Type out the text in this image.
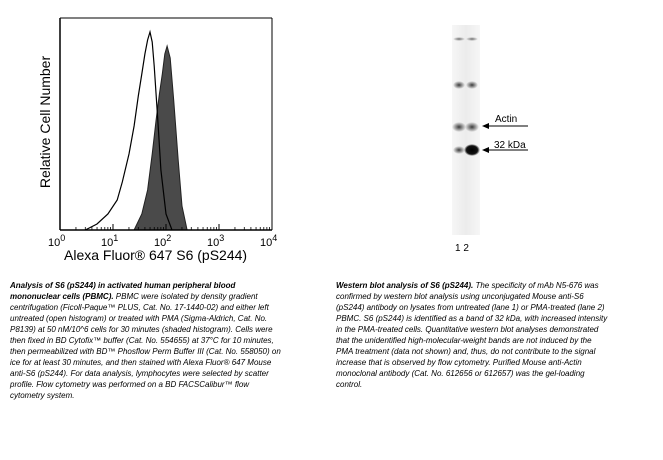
Relative Cell Number
$10^0$	$10^1$	$10^2$	$10^3$	$10^4$
Alexa Fluor® 647 S6 (pS244)
Analysis of S6 (pS244) in activated human peripheral blood mononuclear cells (PBMC). PBMC were isolated by density gradient centrifugation (Ficoll-Paque™ PLUS, Cat. No. 17-1440-02) and either left untreated (open histogram) or treated with PMA (Sigma-Aldrich, Cat. No. P8139) at 50 nM/10^6 cells for 30 minutes (shaded histogram). Cells were then fixed in BD Cytofix™ buffer (Cat. No. 554655) at 37°C for 10 minutes, then permeabilized with BD™ Phosflow Perm Buffer III (Cat. No. 558050) on ice for at least 30 minutes, and then stained with Alexa Fluor® 647 Mouse anti-S6 (pS244). For data analysis, lymphocytes were selected by scatter profile. Flow cytometry was performed on a BD FACSCalibur™ flow cytometry system.
Actin
32 kDa
1 2
Western blot analysis of S6 (pS244). The specificity of mAb N5-676 was confirmed by western blot analysis using unconjugated Mouse anti-S6 (pS244) antibody on lysates from untreated (lane 1) or PMA-treated (lane 2) PBMC. S6 (pS244) is identified as a band of 32 kDa, with increased intensity in the PMA-treated cells. Quantitative western blot analyses demonstrated that the unidentified high-molecular-weight bands are not induced by the PMA treatment (data not shown) and, thus, do not contribute to the signal increase that is observed by flow cytometry. Purified Mouse anti-Actin monoclonal antibody (Cat. No. 612656 or 612657) was the gel-loading control.
